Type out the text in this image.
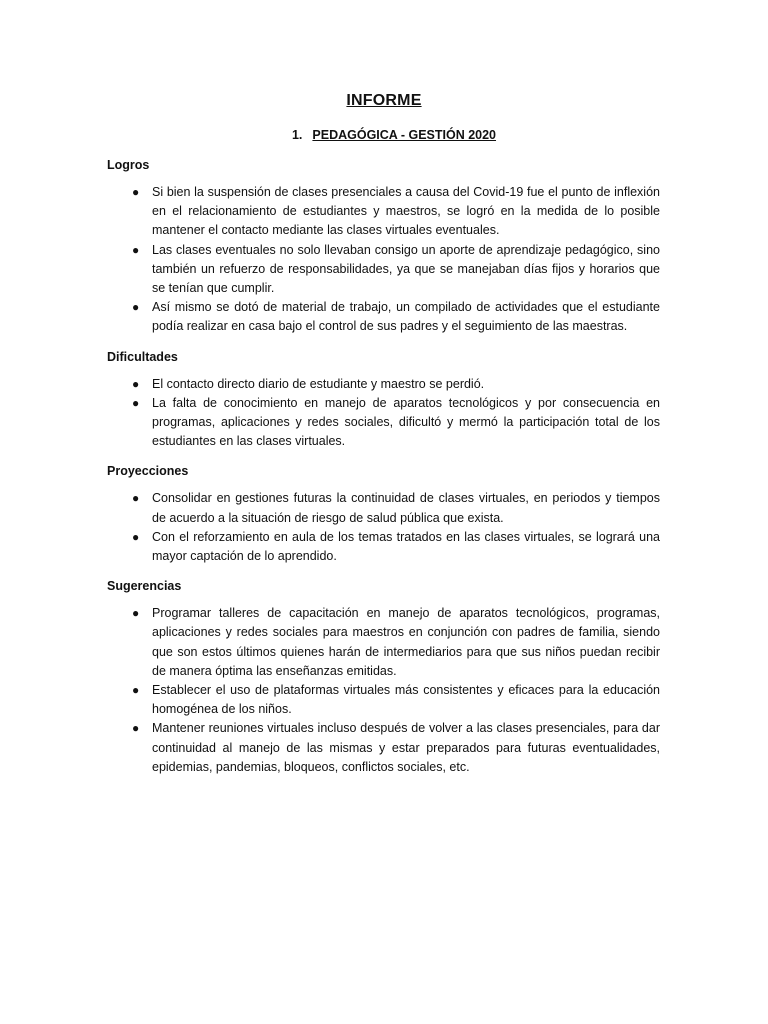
INFORME
1. PEDAGÓGICA - GESTIÓN 2020
Logros
● Si bien la suspensión de clases presenciales a causa del Covid-19 fue el punto de inflexión en el relacionamiento de estudiantes y maestros, se logró en la medida de lo posible mantener el contacto mediante las clases virtuales eventuales.
● Las clases eventuales no solo llevaban consigo un aporte de aprendizaje pedagógico, sino también un refuerzo de responsabilidades, ya que se manejaban días fijos y horarios que se tenían que cumplir.
● Así mismo se dotó de material de trabajo, un compilado de actividades que el estudiante podía realizar en casa bajo el control de sus padres y el seguimiento de las maestras.
Dificultades
● El contacto directo diario de estudiante y maestro se perdió.
● La falta de conocimiento en manejo de aparatos tecnológicos y por consecuencia en programas, aplicaciones y redes sociales, dificultó y mermó la participación total de los estudiantes en las clases virtuales.
Proyecciones
● Consolidar en gestiones futuras la continuidad de clases virtuales, en periodos y tiempos de acuerdo a la situación de riesgo de salud pública que exista.
● Con el reforzamiento en aula de los temas tratados en las clases virtuales, se logrará una mayor captación de lo aprendido.
Sugerencias
● Programar talleres de capacitación en manejo de aparatos tecnológicos, programas, aplicaciones y redes sociales para maestros en conjunción con padres de familia, siendo que son estos últimos quienes harán de intermediarios para que sus niños puedan recibir de manera óptima las enseñanzas emitidas.
● Establecer el uso de plataformas virtuales más consistentes y eficaces para la educación homogénea de los niños.
● Mantener reuniones virtuales incluso después de volver a las clases presenciales, para dar continuidad al manejo de las mismas y estar preparados para futuras eventualidades, epidemias, pandemias, bloqueos, conflictos sociales, etc.
